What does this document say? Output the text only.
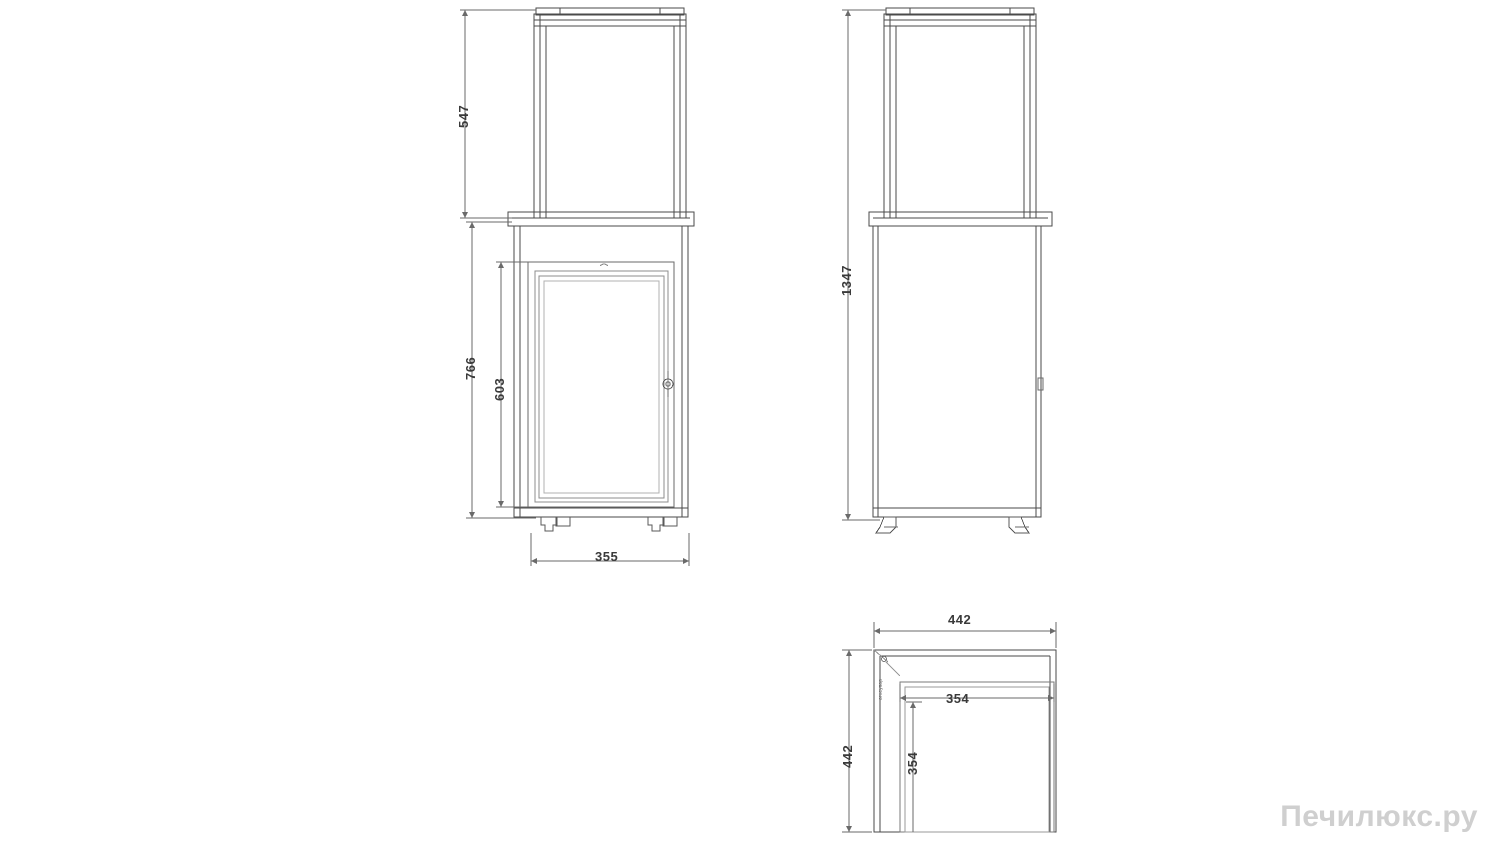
547
766
603
355
1347
442
442
354
354
огнеупор
Печилюкс.ру
